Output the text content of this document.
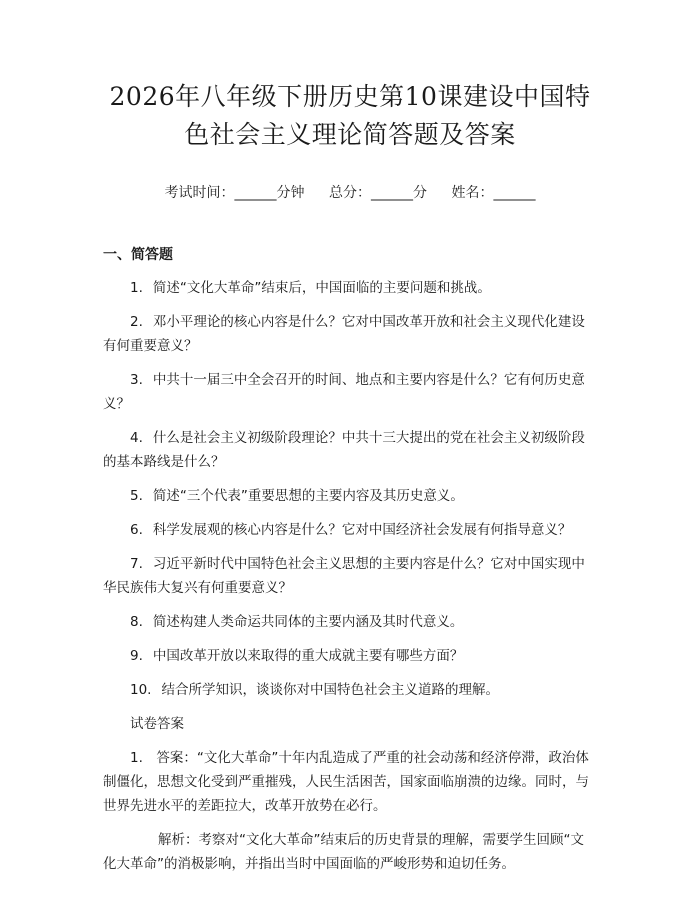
2026年八年级下册历史第10课建设中国特
色社会主义理论简答题及答案
考试时间：______分钟 总分：______分 姓名：______
一、简答题

1. 简述“文化大革命”结束后，中国面临的主要问题和挑战。

2. 邓小平理论的核心内容是什么？它对中国改革开放和社会主义现代化建设有何重要意义？

3. 中共十一届三中全会召开的时间、地点和主要内容是什么？它有何历史意义？

4. 什么是社会主义初级阶段理论？中共十三大提出的党在社会主义初级阶段的基本路线是什么？

5. 简述“三个代表”重要思想的主要内容及其历史意义。

6. 科学发展观的核心内容是什么？它对中国经济社会发展有何指导意义？

7. 习近平新时代中国特色社会主义思想的主要内容是什么？它对中国实现中华民族伟大复兴有何重要意义？

8. 简述构建人类命运共同体的主要内涵及其时代意义。

9. 中国改革开放以来取得的重大成就主要有哪些方面？

10. 结合所学知识，谈谈你对中国特色社会主义道路的理解。

试卷答案

1.　答案：“文化大革命”十年内乱造成了严重的社会动荡和经济停滞，政治体制僵化，思想文化受到严重摧残，人民生活困苦，国家面临崩溃的边缘。同时，与世界先进水平的差距拉大，改革开放势在必行。

解析：考察对“文化大革命”结束后的历史背景的理解，需要学生回顾“文化大革命”的消极影响，并指出当时中国面临的严峻形势和迫切任务。
